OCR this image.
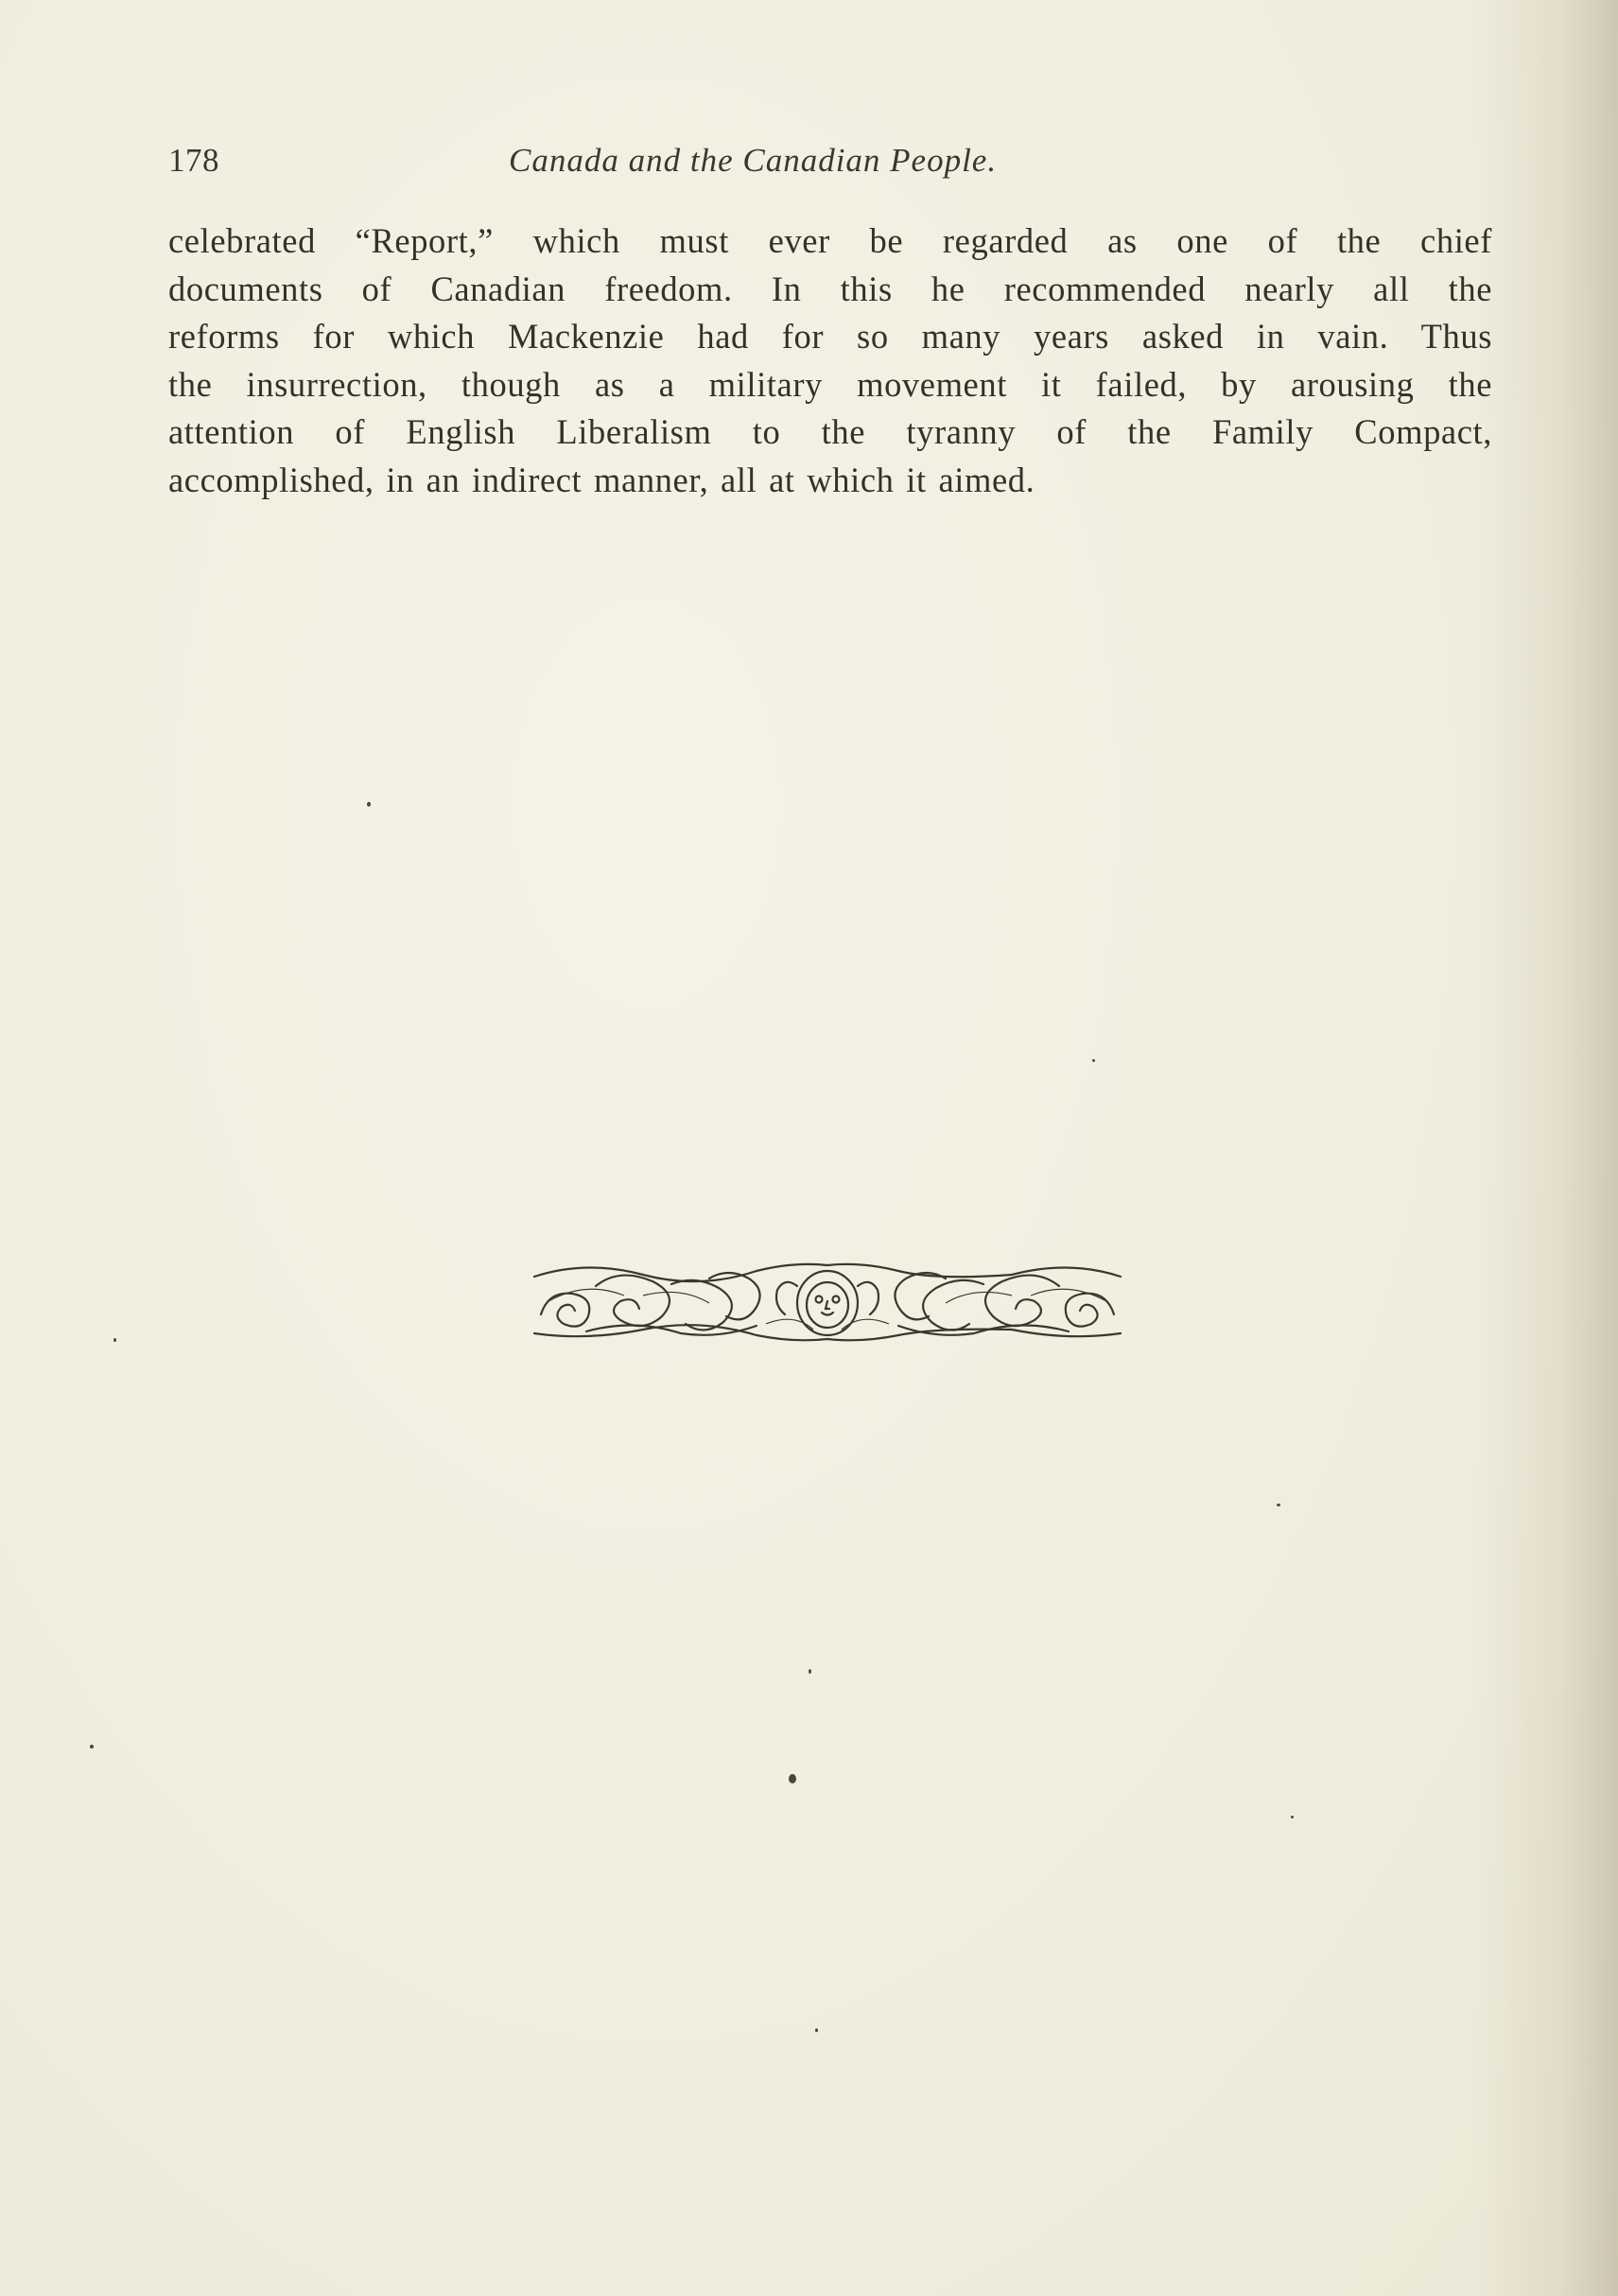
178	Canada and the Canadian People.
celebrated “Report,” which must ever be regarded as one of the chief
documents of Canadian freedom. In this he recommended nearly all the
reforms for which Mackenzie had for so many years asked in vain. Thus
the insurrection, though as a military movement it failed, by arousing the
attention of English Liberalism to the tyranny of the Family Compact,
accomplished, in an indirect manner, all at which it aimed.
